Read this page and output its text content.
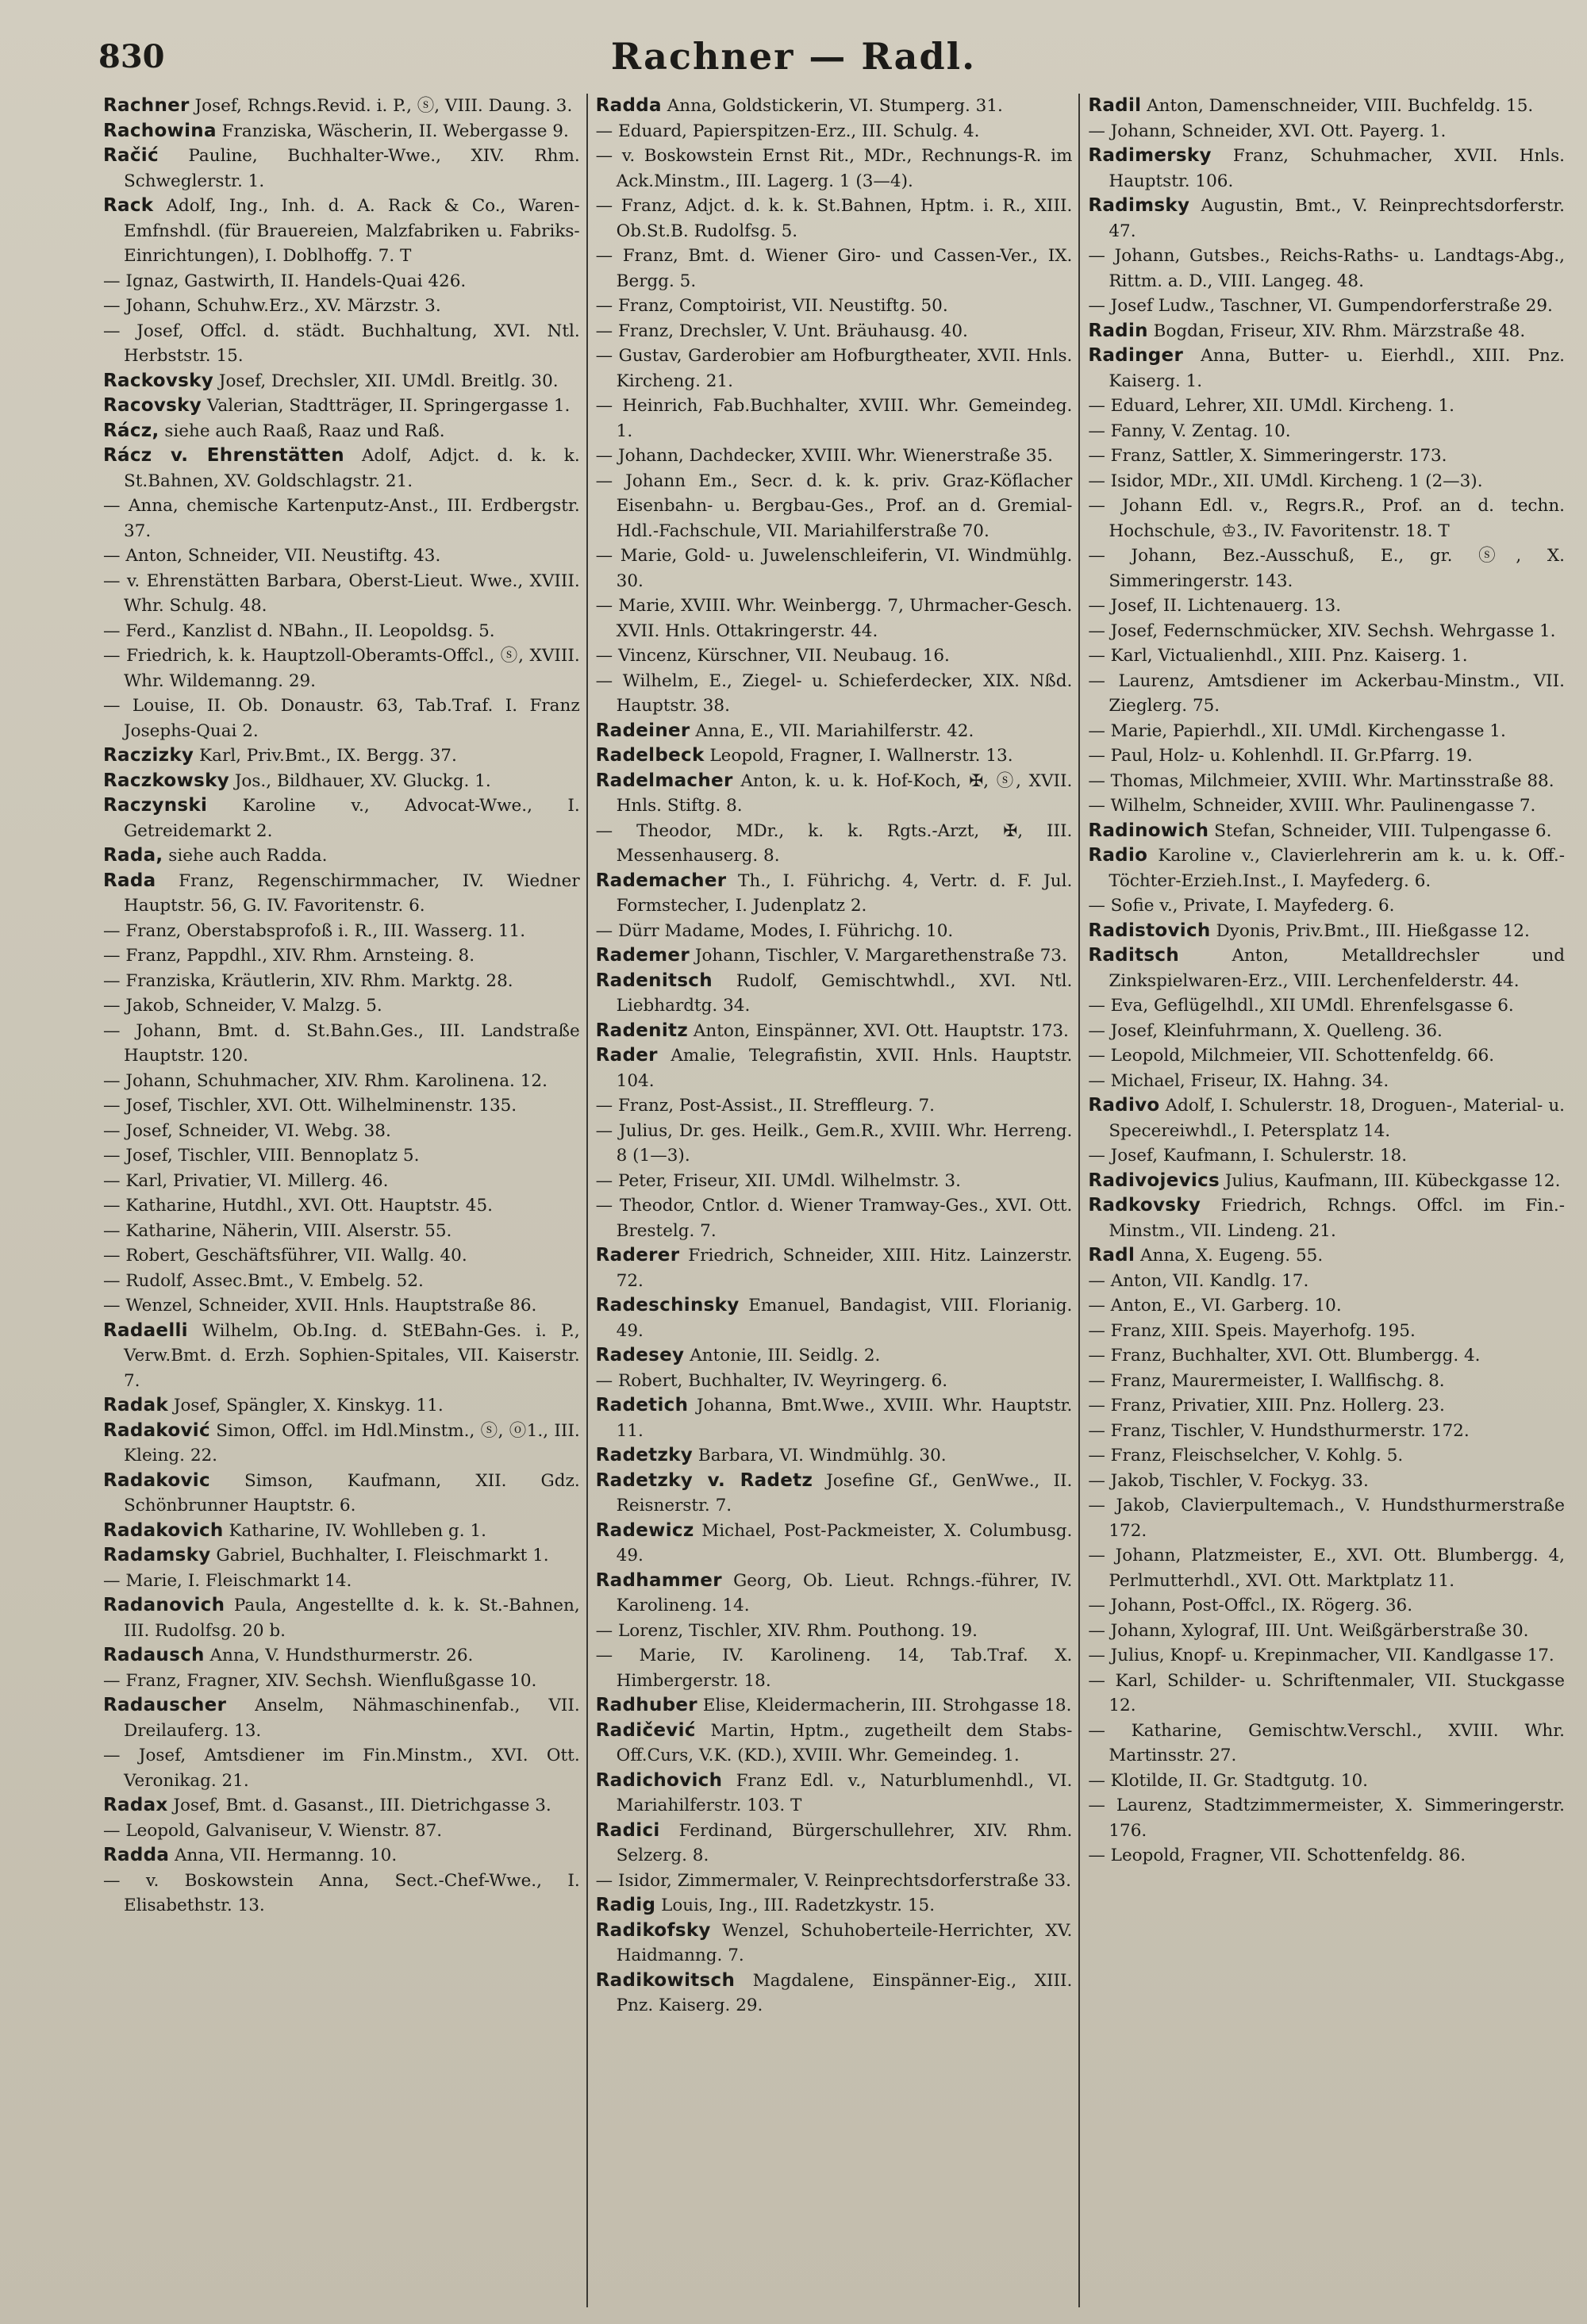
830	Rachner — Radl.

Rachner Josef, Rchngs.Revid. i. P., ⓢ, VIII. Daung. 3.

Rachowina Franziska, Wäscherin, II. Webergasse 9.

Račić Pauline, Buchhalter-Wwe., XIV. Rhm. Schweglerstr. 1.

Rack Adolf, Ing., Inh. d. A. Rack & Co., Waren-Emfnshdl. (für Brauereien, Malzfabriken u. Fabriks-Einrichtungen), I. Doblhoffg. 7. T

— Ignaz, Gastwirth, II. Handels-Quai 426.

— Johann, Schuhw.Erz., XV. Märzstr. 3.

— Josef, Offcl. d. städt. Buchhaltung, XVI. Ntl. Herbststr. 15.

Rackovsky Josef, Drechsler, XII. UMdl. Breitlg. 30.

Racovsky Valerian, Stadtträger, II. Springergasse 1.

Rácz, siehe auch Raaß, Raaz und Raß.

Rácz v. Ehrenstätten Adolf, Adjct. d. k. k. St.Bahnen, XV. Goldschlagstr. 21.

— Anna, chemische Kartenputz-Anst., III. Erdbergstr. 37.

— Anton, Schneider, VII. Neustiftg. 43.

— v. Ehrenstätten Barbara, Oberst-Lieut. Wwe., XVIII. Whr. Schulg. 48.

— Ferd., Kanzlist d. NBahn., II. Leopoldsg. 5.

— Friedrich, k. k. Hauptzoll-Oberamts-Offcl., ⓢ, XVIII. Whr. Wildemanng. 29.

— Louise, II. Ob. Donaustr. 63, Tab.Traf. I. Franz Josephs-Quai 2.

Raczizky Karl, Priv.Bmt., IX. Bergg. 37.

Raczkowsky Jos., Bildhauer, XV. Gluckg. 1.

Raczynski Karoline v., Advocat-Wwe., I. Getreidemarkt 2.

Rada, siehe auch Radda.

Rada Franz, Regenschirmmacher, IV. Wiedner Hauptstr. 56, G. IV. Favoritenstr. 6.

— Franz, Oberstabsprofoß i. R., III. Wasserg. 11.

— Franz, Pappdhl., XIV. Rhm. Arnsteing. 8.

— Franziska, Kräutlerin, XIV. Rhm. Marktg. 28.

— Jakob, Schneider, V. Malzg. 5.

— Johann, Bmt. d. St.Bahn.Ges., III. Landstraße Hauptstr. 120.

— Johann, Schuhmacher, XIV. Rhm. Karolinena. 12.

— Josef, Tischler, XVI. Ott. Wilhelminenstr. 135.

— Josef, Schneider, VI. Webg. 38.

— Josef, Tischler, VIII. Bennoplatz 5.

— Karl, Privatier, VI. Millerg. 46.

— Katharine, Hutdhl., XVI. Ott. Hauptstr. 45.

— Katharine, Näherin, VIII. Alserstr. 55.

— Robert, Geschäftsführer, VII. Wallg. 40.

— Rudolf, Assec.Bmt., V. Embelg. 52.

— Wenzel, Schneider, XVII. Hnls. Hauptstraße 86.

Radaelli Wilhelm, Ob.Ing. d. StEBahn-Ges. i. P., Verw.Bmt. d. Erzh. Sophien-Spitales, VII. Kaiserstr. 7.

Radak Josef, Spängler, X. Kinskyg. 11.

Radaković Simon, Offcl. im Hdl.Minstm., ⓢ, ⓞ1., III. Kleing. 22.

Radakovic Simson, Kaufmann, XII. Gdz. Schönbrunner Hauptstr. 6.

Radakovich Katharine, IV. Wohlleben g. 1.

Radamsky Gabriel, Buchhalter, I. Fleischmarkt 1.

— Marie, I. Fleischmarkt 14.

Radanovich Paula, Angestellte d. k. k. St.-Bahnen, III. Rudolfsg. 20 b.

Radausch Anna, V. Hundsthurmerstr. 26.

— Franz, Fragner, XIV. Sechsh. Wienflußgasse 10.

Radauscher Anselm, Nähmaschinenfab., VII. Dreilauferg. 13.

— Josef, Amtsdiener im Fin.Minstm., XVI. Ott. Veronikag. 21.

Radax Josef, Bmt. d. Gasanst., III. Dietrichgasse 3.

— Leopold, Galvaniseur, V. Wienstr. 87.

Radda Anna, VII. Hermanng. 10.

— v. Boskowstein Anna, Sect.-Chef-Wwe., I. Elisabethstr. 13.

Radda Anna, Goldstickerin, VI. Stumperg. 31.

— Eduard, Papierspitzen-Erz., III. Schulg. 4.

— v. Boskowstein Ernst Rit., MDr., Rechnungs-R. im Ack.Minstm., III. Lagerg. 1 (3—4).

— Franz, Adjct. d. k. k. St.Bahnen, Hptm. i. R., XIII. Ob.St.B. Rudolfsg. 5.

— Franz, Bmt. d. Wiener Giro- und Cassen-Ver., IX. Bergg. 5.

— Franz, Comptoirist, VII. Neustiftg. 50.

— Franz, Drechsler, V. Unt. Bräuhausg. 40.

— Gustav, Garderobier am Hofburgtheater, XVII. Hnls. Kircheng. 21.

— Heinrich, Fab.Buchhalter, XVIII. Whr. Gemeindeg. 1.

— Johann, Dachdecker, XVIII. Whr. Wienerstraße 35.

— Johann Em., Secr. d. k. k. priv. Graz-Köflacher Eisenbahn- u. Bergbau-Ges., Prof. an d. Gremial-Hdl.-Fachschule, VII. Mariahilferstraße 70.

— Marie, Gold- u. Juwelenschleiferin, VI. Windmühlg. 30.

— Marie, XVIII. Whr. Weinbergg. 7, Uhrmacher-Gesch. XVII. Hnls. Ottakringerstr. 44.

— Vincenz, Kürschner, VII. Neubaug. 16.

— Wilhelm, E., Ziegel- u. Schieferdecker, XIX. Nßd. Hauptstr. 38.

Radeiner Anna, E., VII. Mariahilferstr. 42.

Radelbeck Leopold, Fragner, I. Wallnerstr. 13.

Radelmacher Anton, k. u. k. Hof-Koch, ✠, ⓢ, XVII. Hnls. Stiftg. 8.

— Theodor, MDr., k. k. Rgts.-Arzt, ✠, III. Messenhauserg. 8.

Rademacher Th., I. Führichg. 4, Vertr. d. F. Jul. Formstecher, I. Judenplatz 2.

— Dürr Madame, Modes, I. Führichg. 10.

Rademer Johann, Tischler, V. Margarethenstraße 73.

Radenitsch Rudolf, Gemischtwhdl., XVI. Ntl. Liebhardtg. 34.

Radenitz Anton, Einspänner, XVI. Ott. Hauptstr. 173.

Rader Amalie, Telegrafistin, XVII. Hnls. Hauptstr. 104.

— Franz, Post-Assist., II. Streffleurg. 7.

— Julius, Dr. ges. Heilk., Gem.R., XVIII. Whr. Herreng. 8 (1—3).

— Peter, Friseur, XII. UMdl. Wilhelmstr. 3.

— Theodor, Cntlor. d. Wiener Tramway-Ges., XVI. Ott. Brestelg. 7.

Raderer Friedrich, Schneider, XIII. Hitz. Lainzerstr. 72.

Radeschinsky Emanuel, Bandagist, VIII. Florianig. 49.

Radesey Antonie, III. Seidlg. 2.

— Robert, Buchhalter, IV. Weyringerg. 6.

Radetich Johanna, Bmt.Wwe., XVIII. Whr. Hauptstr. 11.

Radetzky Barbara, VI. Windmühlg. 30.

Radetzky v. Radetz Josefine Gf., GenWwe., II. Reisnerstr. 7.

Radewicz Michael, Post-Packmeister, X. Columbusg. 49.

Radhammer Georg, Ob. Lieut. Rchngs.-führer, IV. Karolineng. 14.

— Lorenz, Tischler, XIV. Rhm. Pouthong. 19.

— Marie, IV. Karolineng. 14, Tab.Traf. X. Himbergerstr. 18.

Radhuber Elise, Kleidermacherin, III. Strohgasse 18.

Radičević Martin, Hptm., zugetheilt dem Stabs-Off.Curs, V.K. (KD.), XVIII. Whr. Gemeindeg. 1.

Radichovich Franz Edl. v., Naturblumenhdl., VI. Mariahilferstr. 103. T

Radici Ferdinand, Bürgerschullehrer, XIV. Rhm. Selzerg. 8.

— Isidor, Zimmermaler, V. Reinprechtsdorferstraße 33.

Radig Louis, Ing., III. Radetzkystr. 15.

Radikofsky Wenzel, Schuhoberteile-Herrichter, XV. Haidmanng. 7.

Radikowitsch Magdalene, Einspänner-Eig., XIII. Pnz. Kaiserg. 29.

Radil Anton, Damenschneider, VIII. Buchfeldg. 15.

— Johann, Schneider, XVI. Ott. Payerg. 1.

Radimersky Franz, Schuhmacher, XVII. Hnls. Hauptstr. 106.

Radimsky Augustin, Bmt., V. Reinprechtsdorferstr. 47.

— Johann, Gutsbes., Reichs-Raths- u. Landtags-Abg., Rittm. a. D., VIII. Langeg. 48.

— Josef Ludw., Taschner, VI. Gumpendorferstraße 29.

Radin Bogdan, Friseur, XIV. Rhm. Märzstraße 48.

Radinger Anna, Butter- u. Eierhdl., XIII. Pnz. Kaiserg. 1.

— Eduard, Lehrer, XII. UMdl. Kircheng. 1.

— Fanny, V. Zentag. 10.

— Franz, Sattler, X. Simmeringerstr. 173.

— Isidor, MDr., XII. UMdl. Kircheng. 1 (2—3).

— Johann Edl. v., Regrs.R., Prof. an d. techn. Hochschule, ♔3., IV. Favoritenstr. 18. T

— Johann, Bez.-Ausschuß, E., gr. ⓢ, X. Simmeringerstr. 143.

— Josef, II. Lichtenauerg. 13.

— Josef, Federnschmücker, XIV. Sechsh. Wehrgasse 1.

— Karl, Victualienhdl., XIII. Pnz. Kaiserg. 1.

— Laurenz, Amtsdiener im Ackerbau-Minstm., VII. Zieglerg. 75.

— Marie, Papierhdl., XII. UMdl. Kirchengasse 1.

— Paul, Holz- u. Kohlenhdl. II. Gr.Pfarrg. 19.

— Thomas, Milchmeier, XVIII. Whr. Martinsstraße 88.

— Wilhelm, Schneider, XVIII. Whr. Paulinengasse 7.

Radinowich Stefan, Schneider, VIII. Tulpengasse 6.

Radio Karoline v., Clavierlehrerin am k. u. k. Off.-Töchter-Erzieh.Inst., I. Mayfederg. 6.

— Sofie v., Private, I. Mayfederg. 6.

Radistovich Dyonis, Priv.Bmt., III. Hießgasse 12.

Raditsch	Anton, Metalldrechsler und Zinkspielwaren-Erz., VIII. Lerchenfelderstr. 44.

— Eva, Geflügelhdl., XII UMdl. Ehrenfelsgasse 6.

— Josef, Kleinfuhrmann, X. Quelleng. 36.

— Leopold, Milchmeier, VII. Schottenfeldg. 66.

— Michael, Friseur, IX. Hahng. 34.

Radivo Adolf, I. Schulerstr. 18, Droguen-, Material- u. Specereiwhdl., I. Petersplatz 14.

— Josef, Kaufmann, I. Schulerstr. 18.

Radivojevics Julius, Kaufmann, III. Kübeckgasse 12.

Radkovsky Friedrich, Rchngs. Offcl. im Fin.-Minstm., VII. Lindeng. 21.

Radl Anna, X. Eugeng. 55.

— Anton, VII. Kandlg. 17.

— Anton, E., VI. Garberg. 10.

— Franz, XIII. Speis. Mayerhofg. 195.

— Franz, Buchhalter, XVI. Ott. Blumbergg. 4.

— Franz, Maurermeister, I. Wallfischg. 8.

— Franz, Privatier, XIII. Pnz. Hollerg. 23.

— Franz, Tischler, V. Hundsthurmerstr. 172.

— Franz, Fleischselcher, V. Kohlg. 5.

— Jakob, Tischler, V. Fockyg. 33.

— Jakob, Clavierpultemach., V. Hundsthurmerstraße 172.

— Johann, Platzmeister, E., XVI. Ott. Blumbergg. 4, Perlmutterhdl., XVI. Ott. Marktplatz 11.

— Johann, Post-Offcl., IX. Rögerg. 36.

— Johann, Xylograf, III. Unt. Weißgärberstraße 30.

— Julius, Knopf- u. Krepinmacher, VII. Kandlgasse 17.

— Karl, Schilder- u. Schriftenmaler, VII. Stuckgasse 12.

— Katharine, Gemischtw.Verschl., XVIII. Whr. Martinsstr. 27.

— Klotilde, II. Gr. Stadtgutg. 10.

— Laurenz, Stadtzimmermeister, X. Simmeringerstr. 176.

— Leopold, Fragner, VII. Schottenfeldg. 86.
